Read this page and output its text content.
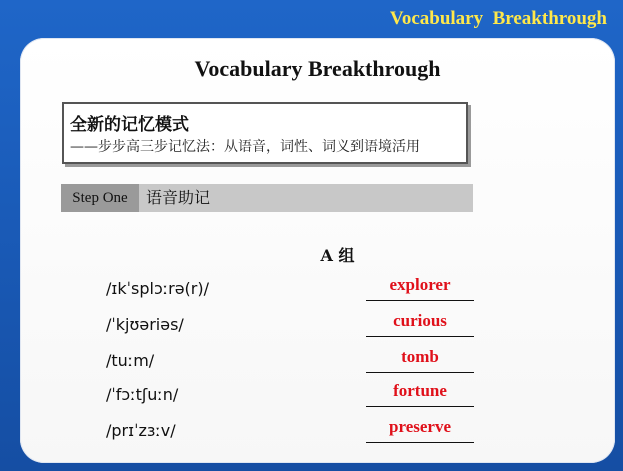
Vocabulary  Breakthrough
Vocabulary Breakthrough
全新的记忆模式
——步步高三步记忆法：从语音，词性、词义到语境活用
Step One	语音助记
A 组
/ɪkˈsplɔːrə(r)/	explorer
/ˈkjʊəriəs/	curious
/tuːm/	tomb
/ˈfɔːtʃuːn/	fortune
/prɪˈzɜːv/	preserve
